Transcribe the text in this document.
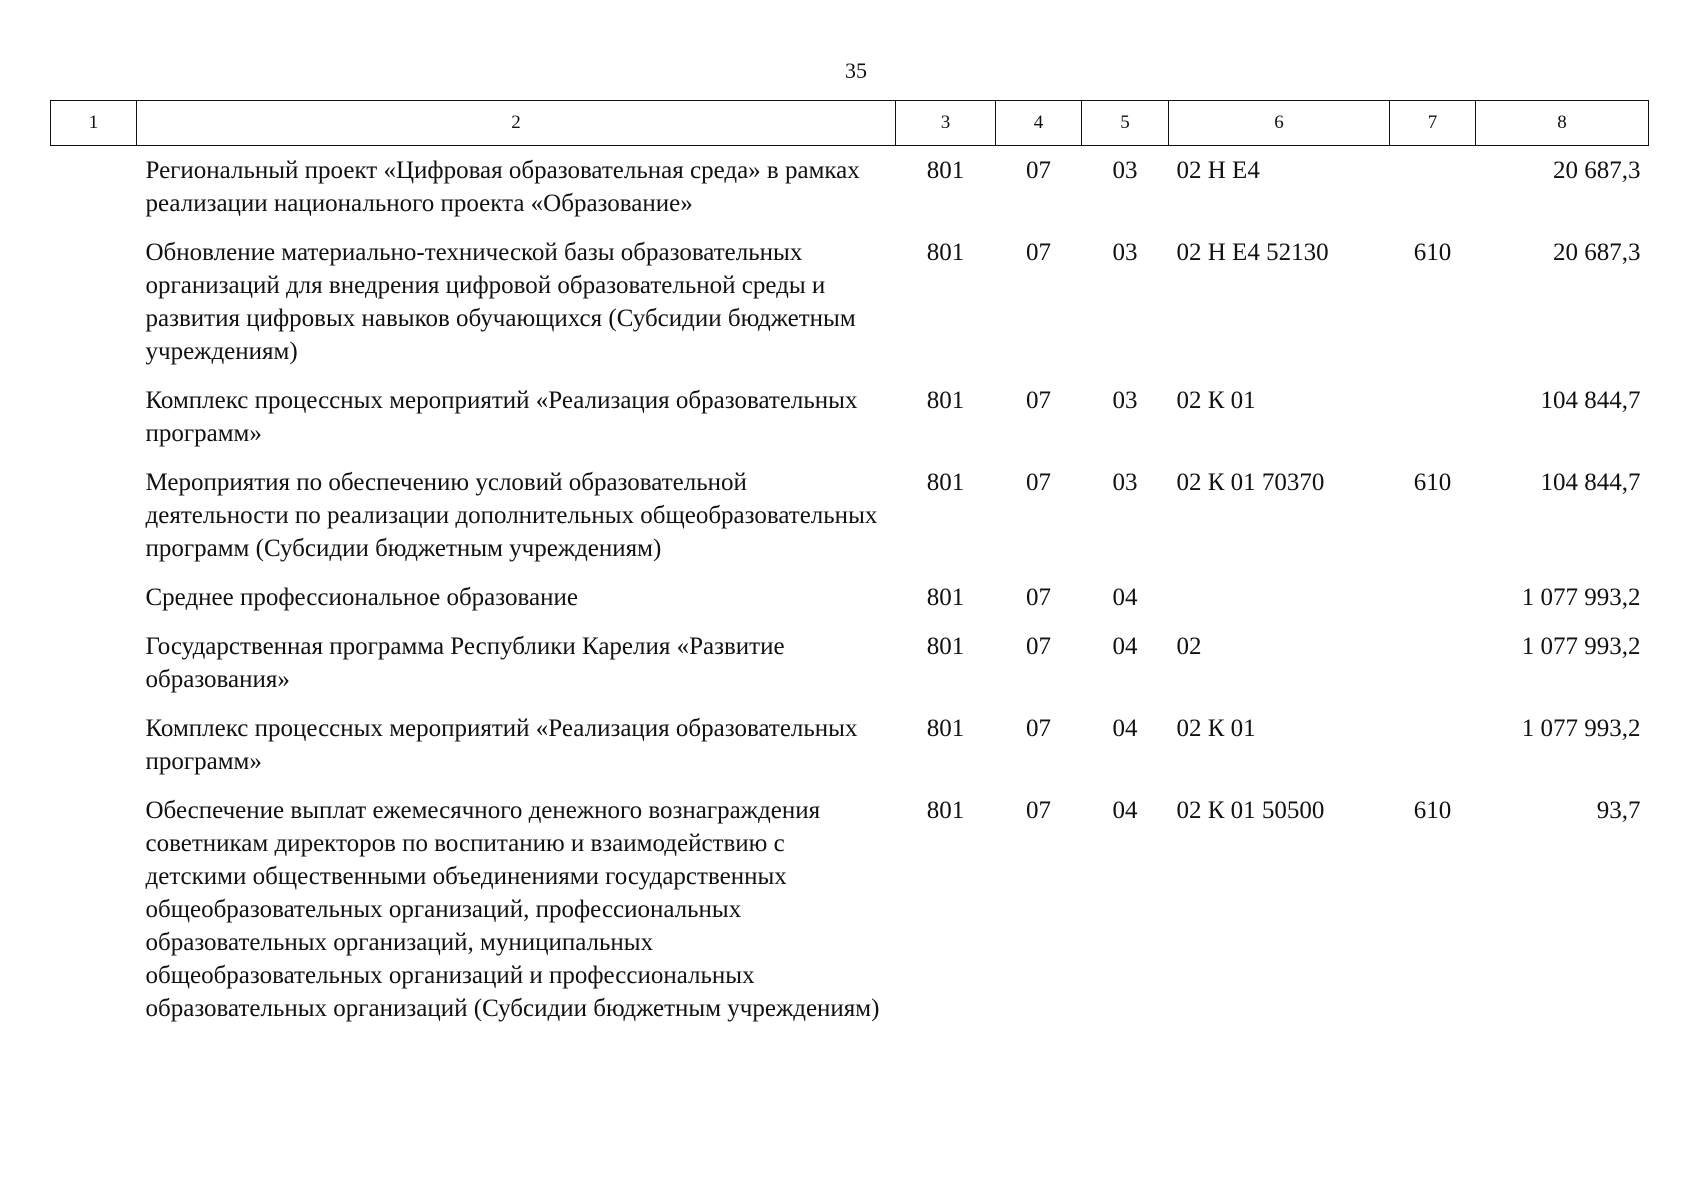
35
1	2	3	4	5	6	7	8
	Региональный проект «Цифровая образовательная среда» в рамках реализации национального проекта «Образование»	801	07	03	02 Н Е4		20 687,3
	Обновление материально-технической базы образовательных организаций для внедрения цифровой образовательной среды и развития цифровых навыков обучающихся (Субсидии бюджетным учреждениям)	801	07	03	02 Н Е4 52130	610	20 687,3
	Комплекс процессных мероприятий «Реализация образовательных программ»	801	07	03	02 К 01		104 844,7
	Мероприятия по обеспечению условий образовательной деятельности по реализации дополнительных общеобразовательных программ (Субсидии бюджетным учреждениям)	801	07	03	02 К 01 70370	610	104 844,7
	Среднее профессиональное образование	801	07	04			1 077 993,2
	Государственная программа Республики Карелия «Развитие образования»	801	07	04	02		1 077 993,2
	Комплекс процессных мероприятий «Реализация образовательных программ»	801	07	04	02 К 01		1 077 993,2
	Обеспечение выплат ежемесячного денежного вознаграждения советникам директоров по воспитанию и взаимодействию с детскими общественными объединениями государственных общеобразовательных организаций, профессиональных образовательных организаций, муниципальных общеобразовательных организаций и профессиональных образовательных организаций (Субсидии бюджетным учреждениям)	801	07	04	02 К 01 50500	610	93,7
